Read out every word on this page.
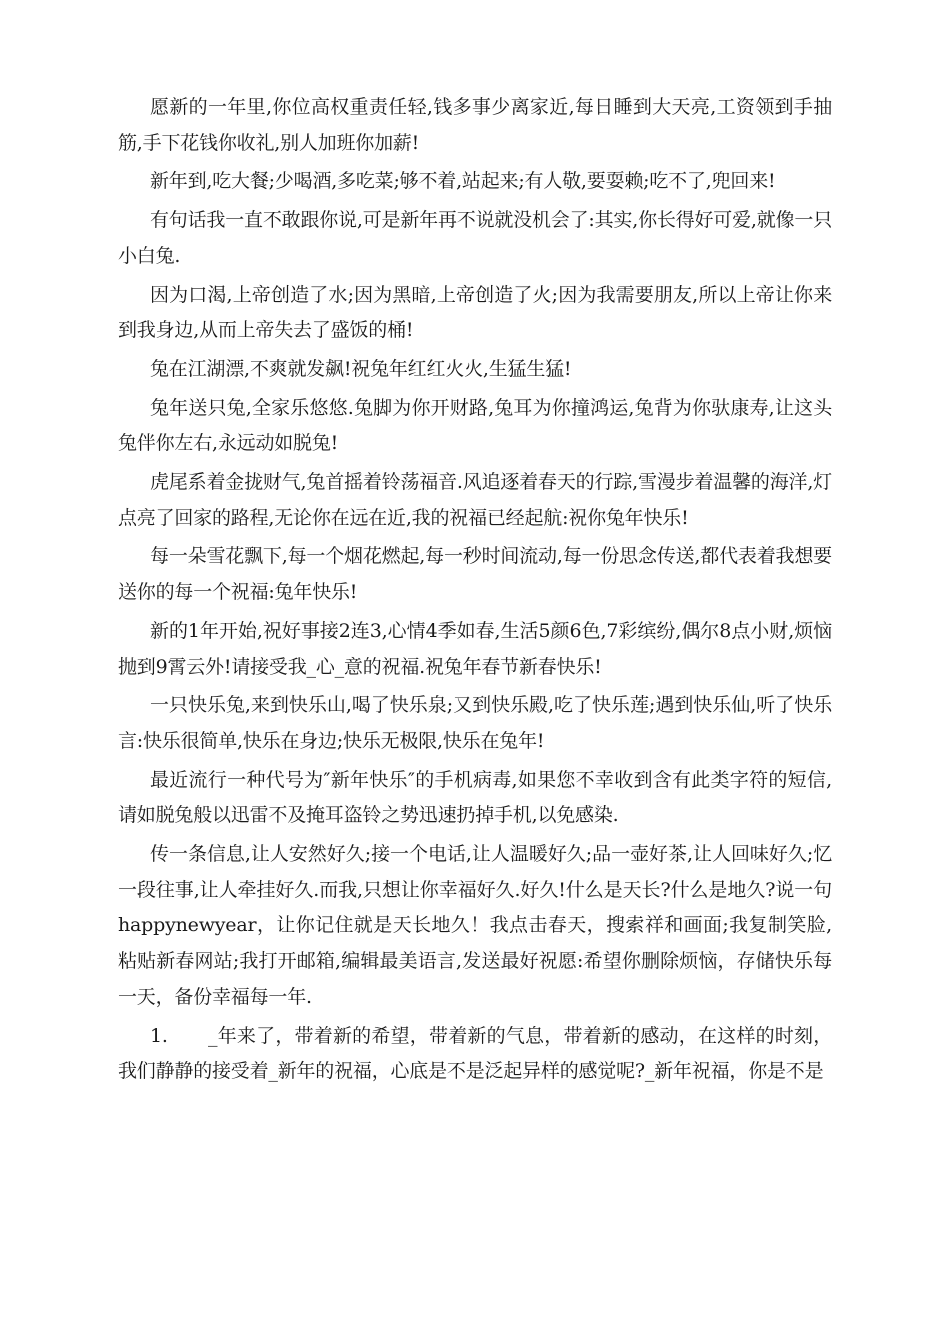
愿新的一年里,你位高权重责任轻,钱多事少离家近,每日睡到大天亮,工资领到手抽筋,手下花钱你收礼,别人加班你加薪!

新年到,吃大餐;少喝酒,多吃菜;够不着,站起来;有人敬,要耍赖;吃不了,兜回来!

有句话我一直不敢跟你说,可是新年再不说就没机会了:其实,你长得好可爱,就像一只小白兔.

因为口渴,上帝创造了水;因为黑暗,上帝创造了火;因为我需要朋友,所以上帝让你来到我身边,从而上帝失去了盛饭的桶!

兔在江湖漂,不爽就发飙!祝兔年红红火火,生猛生猛!

兔年送只兔,全家乐悠悠.兔脚为你开财路,兔耳为你撞鸿运,兔背为你驮康寿,让这头兔伴你左右,永远动如脱兔!

虎尾系着金拢财气,兔首摇着铃荡福音.风追逐着春天的行踪,雪漫步着温馨的海洋,灯点亮了回家的路程,无论你在远在近,我的祝福已经起航:祝你兔年快乐!

每一朵雪花飘下,每一个烟花燃起,每一秒时间流动,每一份思念传送,都代表着我想要送你的每一个祝福:兔年快乐!

新的1年开始,祝好事接2连3,心情4季如春,生活5颜6色,7彩缤纷,偶尔8点小财,烦恼抛到9霄云外!请接受我_心_意的祝福.祝兔年春节新春快乐!

一只快乐兔,来到快乐山,喝了快乐泉;又到快乐殿,吃了快乐莲;遇到快乐仙,听了快乐言:快乐很简单,快乐在身边;快乐无极限,快乐在兔年!

最近流行一种代号为″新年快乐″的手机病毒,如果您不幸收到含有此类字符的短信,请如脱兔般以迅雷不及掩耳盗铃之势迅速扔掉手机,以免感染.

传一条信息,让人安然好久;接一个电话,让人温暖好久;品一壶好茶,让人回味好久;忆一段往事,让人牵挂好久.而我,只想让你幸福好久.好久!什么是天长?什么是地久?说一句happynewyear，让你记住就是天长地久！我点击春天，搜索祥和画面;我复制笑脸,粘贴新春网站;我打开邮箱,编辑最美语言,发送最好祝愿:希望你删除烦恼，存储快乐每一天，备份幸福每一年.

1. _年来了，带着新的希望，带着新的气息，带着新的感动，在这样的时刻，我们静静的接受着_新年的祝福，心底是不是泛起异样的感觉呢?_新年祝福，你是不是
